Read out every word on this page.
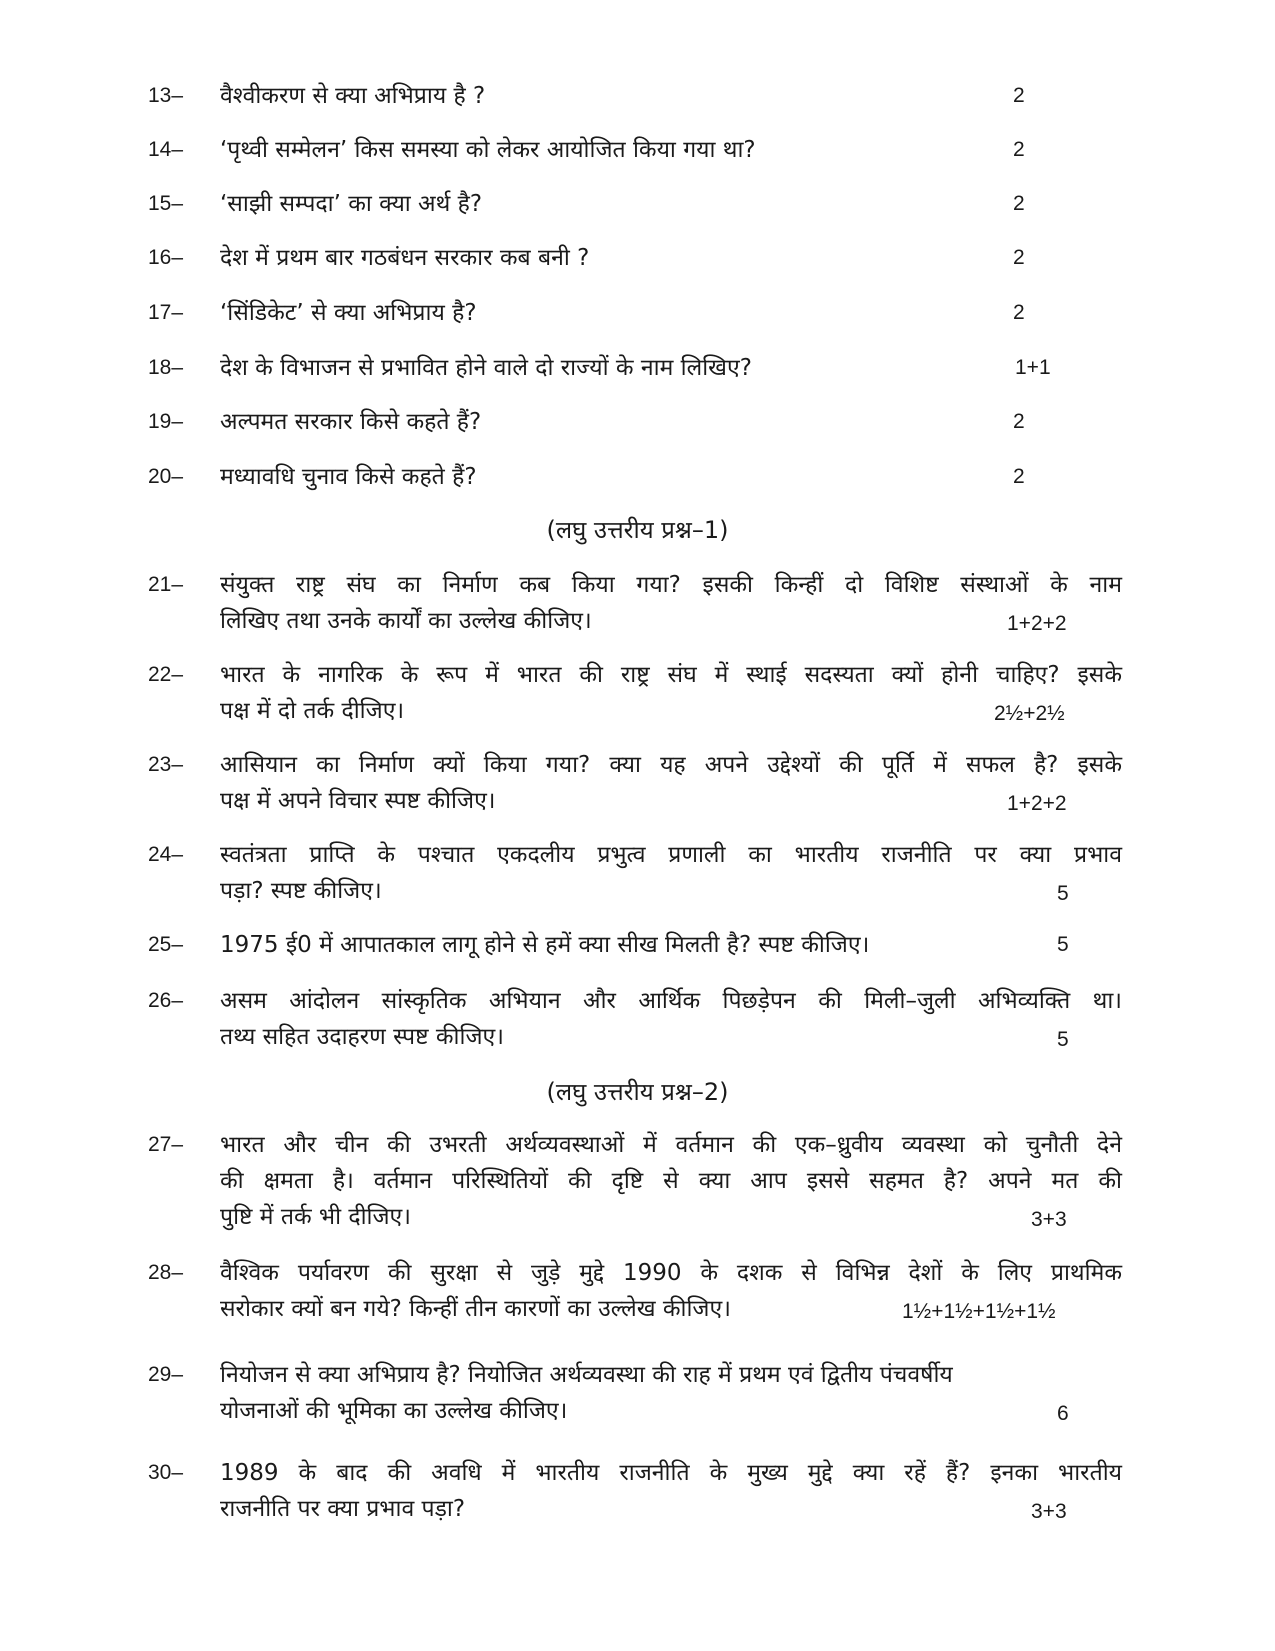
(लघु उत्तरीय प्रश्न–1)
(लघु उत्तरीय प्रश्न–2)
13– वैश्वीकरण से क्या अभिप्राय है ?	2
14– ‘पृथ्वी सम्मेलन’ किस समस्या को लेकर आयोजित किया गया था?	2
15– ‘साझी सम्पदा’ का क्या अर्थ है?	2
16– देश में प्रथम बार गठबंधन सरकार कब बनी ?	2
17– ‘सिंडिकेट’ से क्या अभिप्राय है?	2
18– देश के विभाजन से प्रभावित होने वाले दो राज्यों के नाम लिखिए?	1+1
19– अल्पमत सरकार किसे कहते हैं?	2
20– मध्यावधि चुनाव किसे कहते हैं?	2
21– संयुक्त राष्ट्र संघ का निर्माण कब किया गया? इसकी किन्हीं दो विशिष्ट संस्थाओं के नाम
लिखिए तथा उनके कार्यों का उल्लेख कीजिए।	1+2+2
22– भारत के नागरिक के रूप में भारत की राष्ट्र संघ में स्थाई सदस्यता क्यों होनी चाहिए? इसके
पक्ष में दो तर्क दीजिए।	2½+2½
23– आसियान का निर्माण क्यों किया गया? क्या यह अपने उद्देश्यों की पूर्ति में सफल है? इसके
पक्ष में अपने विचार स्पष्ट कीजिए।	1+2+2
24– स्वतंत्रता प्राप्ति के पश्चात एकदलीय प्रभुत्व प्रणाली का भारतीय राजनीति पर क्या प्रभाव
पड़ा? स्पष्ट कीजिए।	5
25– 1975 ई0 में आपातकाल लागू होने से हमें क्या सीख मिलती है? स्पष्ट कीजिए।	5
26– असम आंदोलन सांस्कृतिक अभियान और आर्थिक पिछड़ेपन की मिली–जुली अभिव्यक्ति था।
तथ्य सहित उदाहरण स्पष्ट कीजिए।	5
27– भारत और चीन की उभरती अर्थव्यवस्थाओं में वर्तमान की एक–ध्रुवीय व्यवस्था को चुनौती देने
की क्षमता है। वर्तमान परिस्थितियों की दृष्टि से क्या आप इससे सहमत है? अपने मत की
पुष्टि में तर्क भी दीजिए।	3+3
28– वैश्विक पर्यावरण की सुरक्षा से जुड़े मुद्दे 1990 के दशक से विभिन्न देशों के लिए प्राथमिक
सरोकार क्यों बन गये? किन्हीं तीन कारणों का उल्लेख कीजिए।	1½+1½+1½+1½
29– नियोजन से क्या अभिप्राय है? नियोजित अर्थव्यवस्था की राह में प्रथम एवं द्वितीय पंचवर्षीय
योजनाओं की भूमिका का उल्लेख कीजिए।	6
30– 1989 के बाद की अवधि में भारतीय राजनीति के मुख्य मुद्दे क्या रहें हैं? इनका भारतीय
राजनीति पर क्या प्रभाव पड़ा?	3+3
